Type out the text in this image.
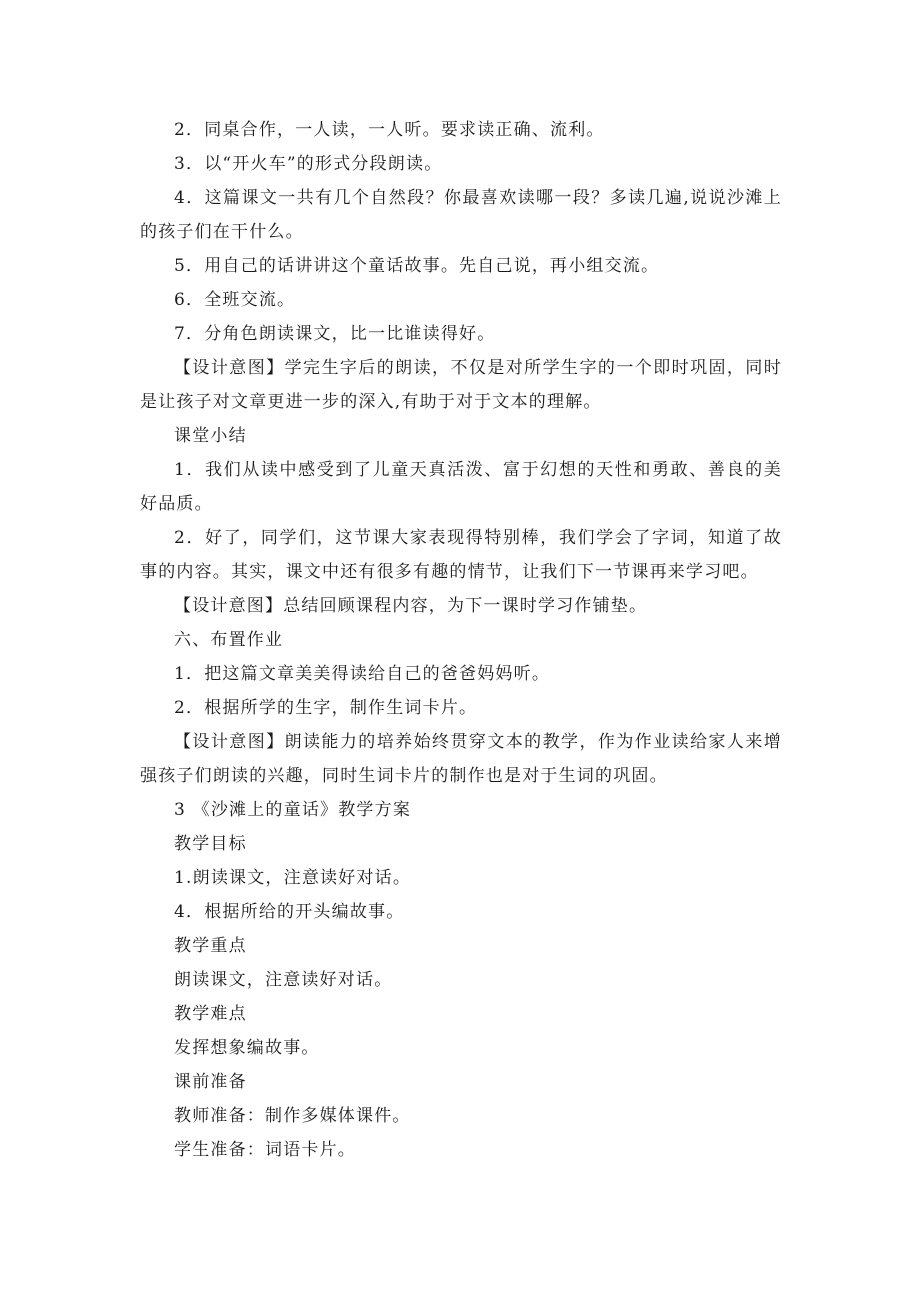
2．同桌合作，一人读，一人听。要求读正确、流利。

3．以“开火车”的形式分段朗读。

4．这篇课文一共有几个自然段？你最喜欢读哪一段？多读几遍,说说沙滩上的孩子们在干什么。

5．用自己的话讲讲这个童话故事。先自己说，再小组交流。

6．全班交流。

7．分角色朗读课文，比一比谁读得好。

【设计意图】学完生字后的朗读，不仅是对所学生字的一个即时巩固，同时是让孩子对文章更进一步的深入,有助于对于文本的理解。

课堂小结

1．我们从读中感受到了儿童天真活泼、富于幻想的天性和勇敢、善良的美好品质。

2．好了，同学们，这节课大家表现得特别棒，我们学会了字词，知道了故事的内容。其实，课文中还有很多有趣的情节，让我们下一节课再来学习吧。

【设计意图】总结回顾课程内容，为下一课时学习作铺垫。

六、布置作业

1．把这篇文章美美得读给自己的爸爸妈妈听。

2．根据所学的生字，制作生词卡片。

【设计意图】朗读能力的培养始终贯穿文本的教学，作为作业读给家人来增强孩子们朗读的兴趣，同时生词卡片的制作也是对于生词的巩固。

3 《沙滩上的童话》教学方案

教学目标

1.朗读课文，注意读好对话。

4．根据所给的开头编故事。

教学重点

朗读课文，注意读好对话。

教学难点

发挥想象编故事。

课前准备

教师准备：制作多媒体课件。

学生准备：词语卡片。
